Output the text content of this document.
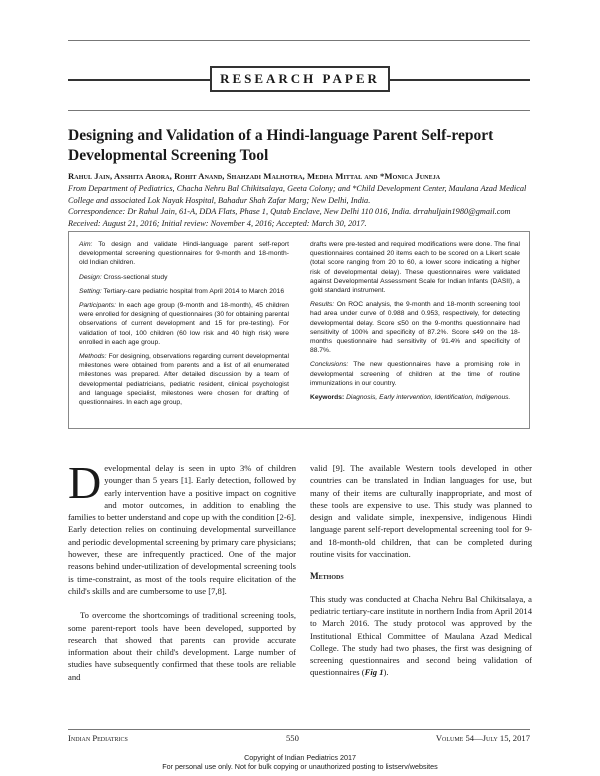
RESEARCH PAPER
Designing and Validation of a Hindi-language Parent Self-report Developmental Screening Tool
Rahul Jain, Anshita Arora, Rohit Anand, Shahzadi Malhotra, Medha Mittal and *Monica Juneja
From Department of Pediatrics, Chacha Nehru Bal Chikitsalaya, Geeta Colony; and *Child Development Center, Maulana Azad Medical College and associated Lok Nayak Hospital, Bahadur Shah Zafar Marg; New Delhi, India.
Correspondence: Dr Rahul Jain, 61-A, DDA Flats, Phase 1, Qutab Enclave, New Delhi 110 016, India. drrahuljain1980@gmail.com
Received: August 21, 2016; Initial review: November 4, 2016; Accepted: March 30, 2017.

Aim: To design and validate Hindi-language parent self-report developmental screening questionnaires for 9-month and 18-month-old Indian children.

Design: Cross-sectional study

Setting: Tertiary-care pediatric hospital from April 2014 to March 2016

Participants: In each age group (9-month and 18-month), 45 children were enrolled for designing of questionnaires (30 for obtaining parental observations of current development and 15 for pre-testing). For validation of tool, 100 children (60 low risk and 40 high risk) were enrolled in each age group.

Methods: For designing, observations regarding current developmental milestones were obtained from parents and a list of all enumerated milestones was prepared. After detailed discussion by a team of developmental pediatricians, pediatric resident, clinical psychologist and language specialist, milestones were chosen for drafting of questionnaires. In each age group,

drafts were pre-tested and required modifications were done. The final questionnaires contained 20 items each to be scored on a Likert scale (total score ranging from 20 to 60, a lower score indicating a higher risk of developmental delay). These questionnaires were validated against Developmental Assessment Scale for Indian Infants (DASII), a gold standard instrument.

Results: On ROC analysis, the 9-month and 18-month screening tool had area under curve of 0.988 and 0.953, respectively, for detecting developmental delay. Score ≤50 on the 9-months questionnaire had sensitivity of 100% and specificity of 87.2%. Score ≤49 on the 18-months questionnaire had sensitivity of 91.4% and specificity of 88.7%.

Conclusions: The new questionnaires have a promising role in developmental screening of children at the time of routine immunizations in our country.

Keywords: Diagnosis, Early intervention, Identification, Indigenous.

Developmental delay is seen in upto 3% of children younger than 5 years [1]. Early detection, followed by early intervention have a positive impact on cognitive and motor outcomes, in addition to enabling the families to better understand and cope up with the condition [2-6]. Early detection relies on continuing developmental surveillance and periodic developmental screening by primary care physicians; however, these are infrequently practiced. One of the major reasons behind under-utilization of developmental screening tools is time-constraint, as most of the tools require elicitation of the child's skills and are cumbersome to use [7,8].

To overcome the shortcomings of traditional screening tools, some parent-report tools have been developed, supported by research that showed that parents can provide accurate information about their child's development. Large number of studies have subsequently confirmed that these tools are reliable and

valid [9]. The available Western tools developed in other countries can be translated in Indian languages for use, but many of their items are culturally inappropriate, and most of these tools are expensive to use. This study was planned to design and validate simple, inexpensive, indigenous Hindi language parent self-report developmental screening tool for 9- and 18-month-old children, that can be completed during routine visits for vaccination.

Methods

This study was conducted at Chacha Nehru Bal Chikitsalaya, a pediatric tertiary-care institute in northern India from April 2014 to March 2016. The study protocol was approved by the Institutional Ethical Committee of Maulana Azad Medical College. The study had two phases, the first was designing of screening questionnaires and second being validation of questionnaires (Fig 1).

Indian Pediatrics	550	Volume 54—July 15, 2017
Copyright of Indian Pediatrics 2017
For personal use only. Not for bulk copying or unauthorized posting to listserv/websites
